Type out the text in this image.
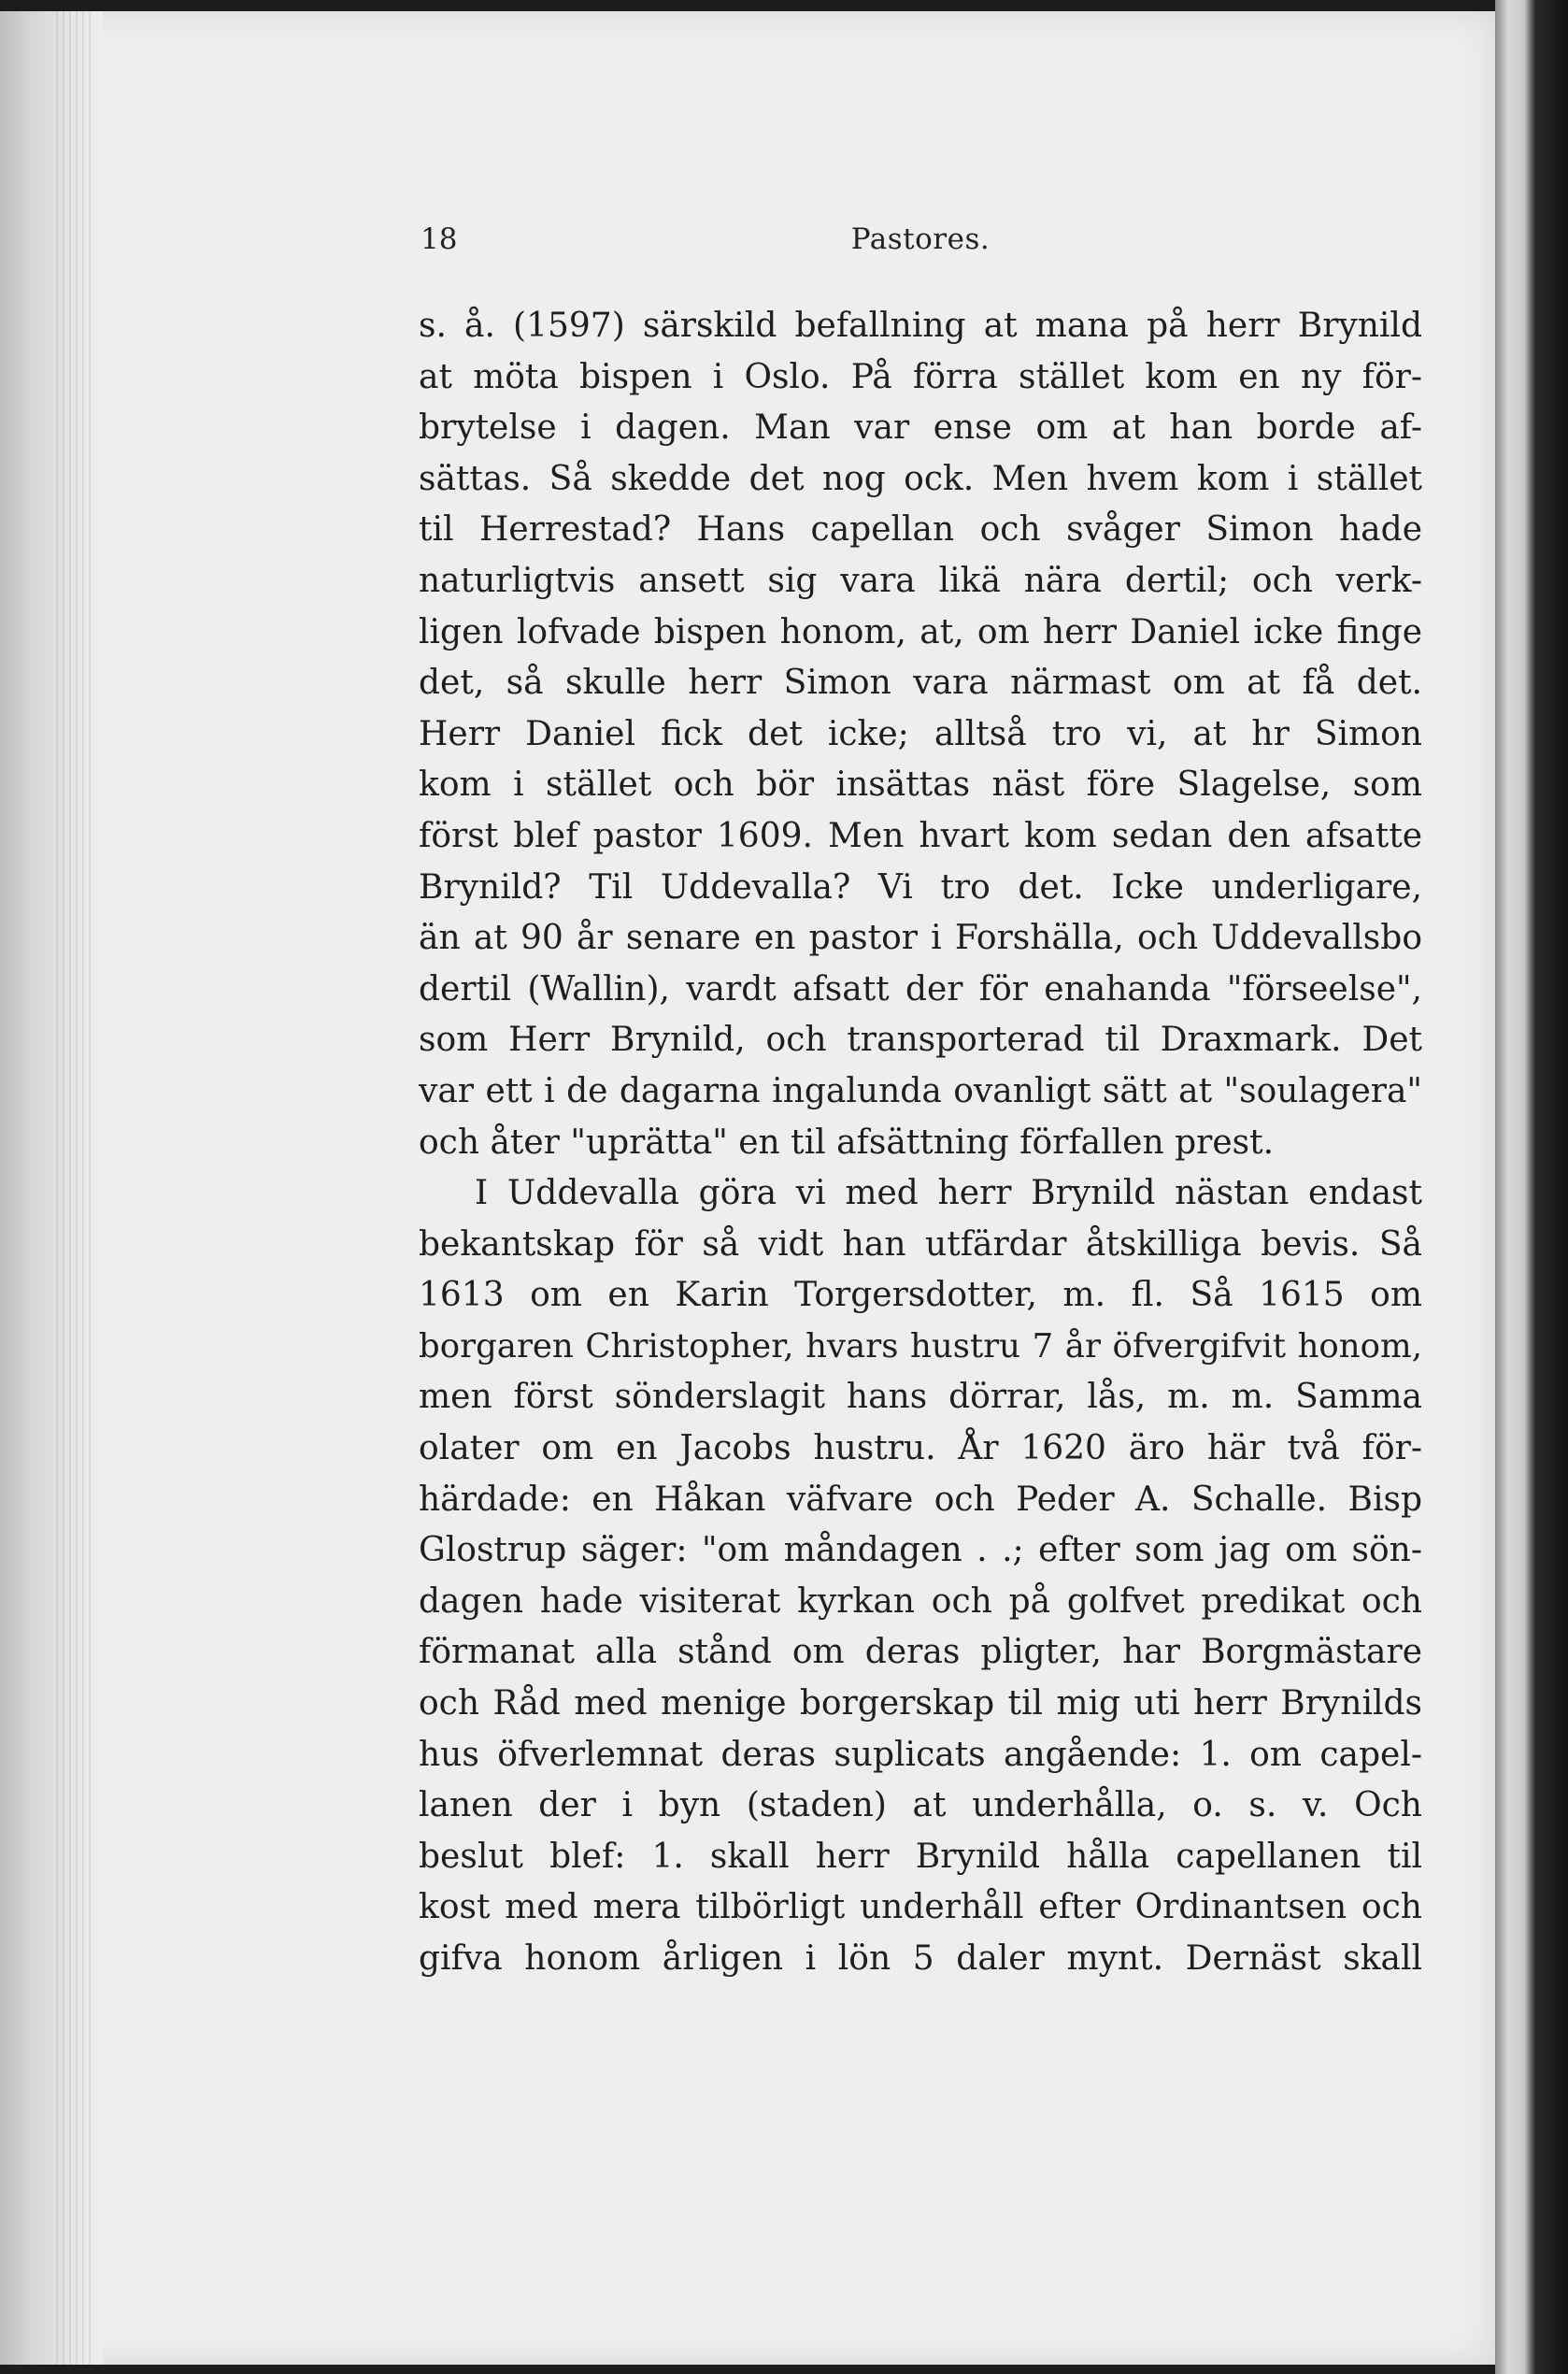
18	Pastores.
s. å. (1597) särskild befallning at mana på herr Brynild
at möta bispen i Oslo. På förra stället kom en ny för-
brytelse i dagen. Man var ense om at han borde af-
sättas. Så skedde det nog ock. Men hvem kom i stället
til Herrestad? Hans capellan och svåger Simon hade
naturligtvis ansett sig vara likä nära dertil; och verk-
ligen lofvade bispen honom, at, om herr Daniel icke finge
det, så skulle herr Simon vara närmast om at få det.
Herr Daniel fick det icke; alltså tro vi, at hr Simon
kom i stället och bör insättas näst före Slagelse, som
först blef pastor 1609. Men hvart kom sedan den afsatte
Brynild? Til Uddevalla? Vi tro det. Icke underligare,
än at 90 år senare en pastor i Forshälla, och Uddevallsbo
dertil (Wallin), vardt afsatt der för enahanda "förseelse",
som Herr Brynild, och transporterad til Draxmark. Det
var ett i de dagarna ingalunda ovanligt sätt at "soulagera"
och åter "uprätta" en til afsättning förfallen prest.
I Uddevalla göra vi med herr Brynild nästan endast
bekantskap för så vidt han utfärdar åtskilliga bevis. Så
1613 om en Karin Torgersdotter, m. fl. Så 1615 om
borgaren Christopher, hvars hustru 7 år öfvergifvit honom,
men först sönderslagit hans dörrar, lås, m. m. Samma
olater om en Jacobs hustru. År 1620 äro här två för-
härdade: en Håkan väfvare och Peder A. Schalle. Bisp
Glostrup säger: "om måndagen . .; efter som jag om sön-
dagen hade visiterat kyrkan och på golfvet predikat och
förmanat alla stånd om deras pligter, har Borgmästare
och Råd med menige borgerskap til mig uti herr Brynilds
hus öfverlemnat deras suplicats angående: 1. om capel-
lanen der i byn (staden) at underhålla, o. s. v. Och
beslut blef: 1. skall herr Brynild hålla capellanen til
kost med mera tilbörligt underhåll efter Ordinantsen och
gifva honom årligen i lön 5 daler mynt. Dernäst skall
